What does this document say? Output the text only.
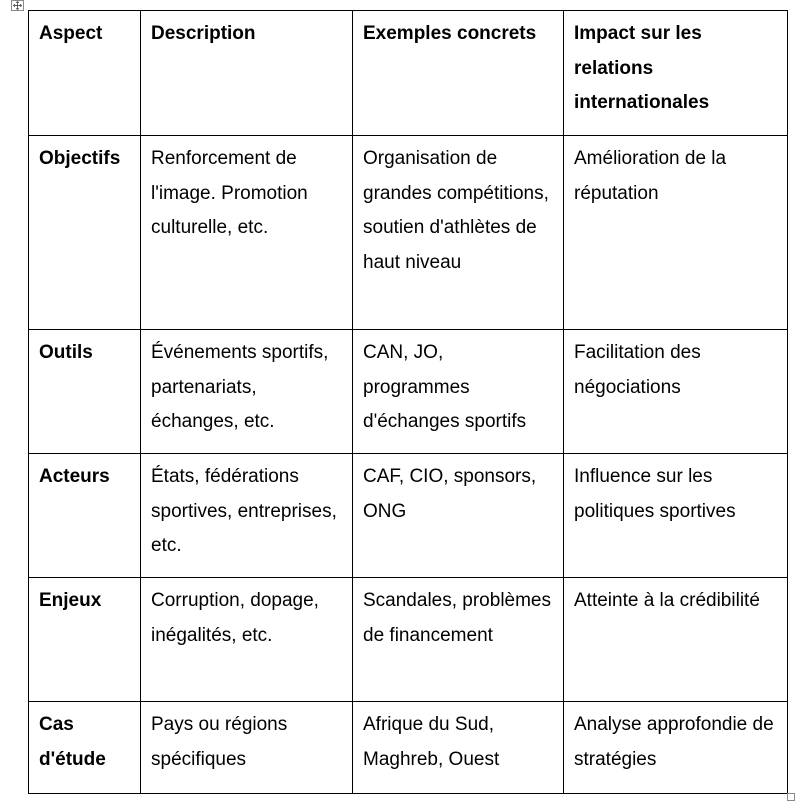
Aspect	Description	Exemples concrets	Impact sur les relations internationales

Objectifs	Renforcement de l'image. Promotion culturelle, etc.	Organisation de grandes compétitions, soutien d'athlètes de haut niveau	Amélioration de la réputation

Outils	Événements sportifs, partenariats, échanges, etc.	CAN, JO, programmes d'échanges sportifs	Facilitation des négociations

Acteurs	États, fédérations sportives, entreprises, etc.	CAF, CIO, sponsors, ONG	Influence sur les politiques sportives

Enjeux	Corruption, dopage, inégalités, etc.	Scandales, problèmes de financement	Atteinte à la crédibilité

Cas d'étude	Pays ou régions spécifiques	Afrique du Sud, Maghreb, Ouest	Analyse approfondie de stratégies
